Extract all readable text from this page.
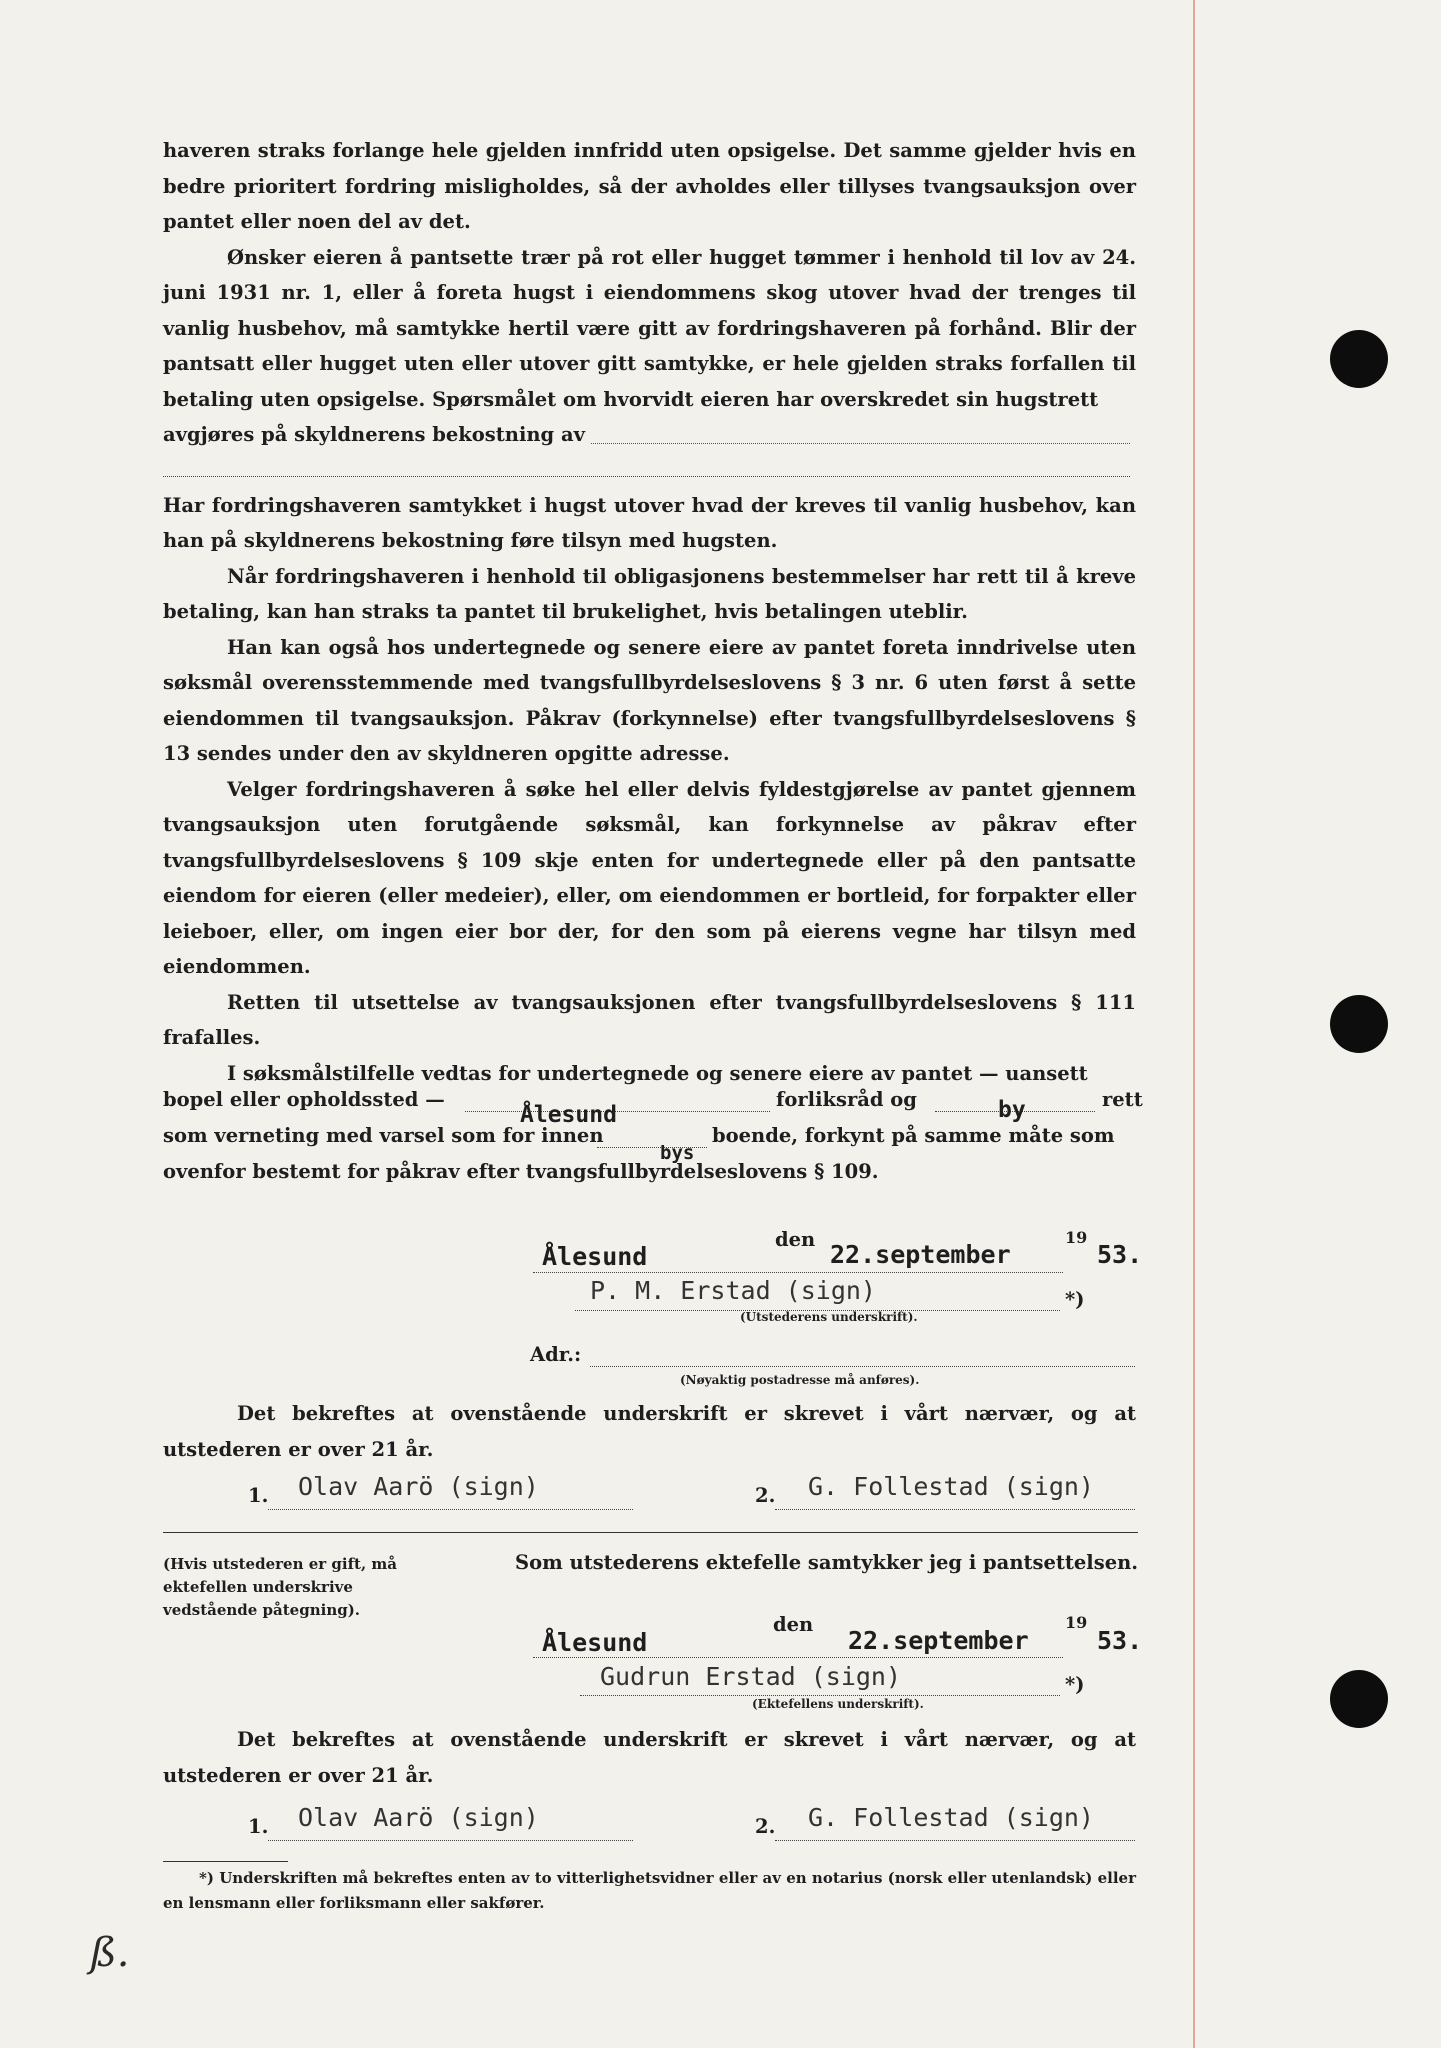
haveren straks forlange hele gjelden innfridd uten opsigelse. Det samme gjelder hvis en bedre prioritert fordring misligholdes, så der avholdes eller tillyses tvangsauksjon over pantet eller noen del av det.

Ønsker eieren å pantsette trær på rot eller hugget tømmer i henhold til lov av 24. juni 1931 nr. 1, eller å foreta hugst i eiendommens skog utover hvad der trenges til vanlig husbehov, må samtykke hertil være gitt av fordringshaveren på forhånd. Blir der pantsatt eller hugget uten eller utover gitt samtykke, er hele gjelden straks forfallen til betaling uten opsigelse. Spørsmålet om hvorvidt eieren har overskredet sin hugstrett

avgjøres på skyldnerens bekostning av

Har fordringshaveren samtykket i hugst utover hvad der kreves til vanlig husbehov, kan han på skyldnerens bekostning føre tilsyn med hugsten.

Når fordringshaveren i henhold til obligasjonens bestemmelser har rett til å kreve betaling, kan han straks ta pantet til brukelighet, hvis betalingen uteblir.

Han kan også hos undertegnede og senere eiere av pantet foreta inndrivelse uten søksmål overensstemmende med tvangsfullbyrdelseslovens § 3 nr. 6 uten først å sette eiendommen til tvangsauksjon. Påkrav (forkynnelse) efter tvangsfullbyrdelseslovens § 13 sendes under den av skyldneren opgitte adresse.

Velger fordringshaveren å søke hel eller delvis fyldestgjørelse av pantet gjennem tvangsauksjon uten forutgående søksmål, kan forkynnelse av påkrav efter tvangsfullbyrdelseslovens § 109 skje enten for undertegnede eller på den pantsatte eiendom for eieren (eller medeier), eller, om eiendommen er bortleid, for forpakter eller leieboer, eller, om ingen eier bor der, for den som på eierens vegne har tilsyn med eiendommen.

Retten til utsettelse av tvangsauksjonen efter tvangsfullbyrdelseslovens § 111 frafalles.

I søksmålstilfelle vedtas for undertegnede og senere eiere av pantet — uansett

bopel eller opholdssted —	forliksråd og	rett
Ålesund	by
som verneting med varsel som for innen	boende, forkynt på samme måte som
bys
ovenfor bestemt for påkrav efter tvangsfullbyrdelseslovens § 109.
den
Ålesund	22.september
19
53.
P. M. Erstad (sign)	*)
(Utstederens underskrift).
Adr.:
(Nøyaktig postadresse må anføres).
Det bekreftes at ovenstående underskrift er skrevet i vårt nærvær, og at utstederen er over 21 år.
1. Olav Aarö (sign)	2. G. Follestad (sign)
(Hvis utstederen er gift, må ektefellen underskrive vedstående påtegning).
Som utstederens ektefelle samtykker jeg i pantsettelsen.
den
Ålesund	22.september
19
53.
Gudrun Erstad (sign)	*)
(Ektefellens underskrift).
Det bekreftes at ovenstående underskrift er skrevet i vårt nærvær, og at utstederen er over 21 år.
1. Olav Aarö (sign)	2. G. Follestad (sign)
*) Underskriften må bekreftes enten av to vitterlighetsvidner eller av en notarius (norsk eller utenlandsk) eller en lensmann eller forliksmann eller sakfører.
ß.
